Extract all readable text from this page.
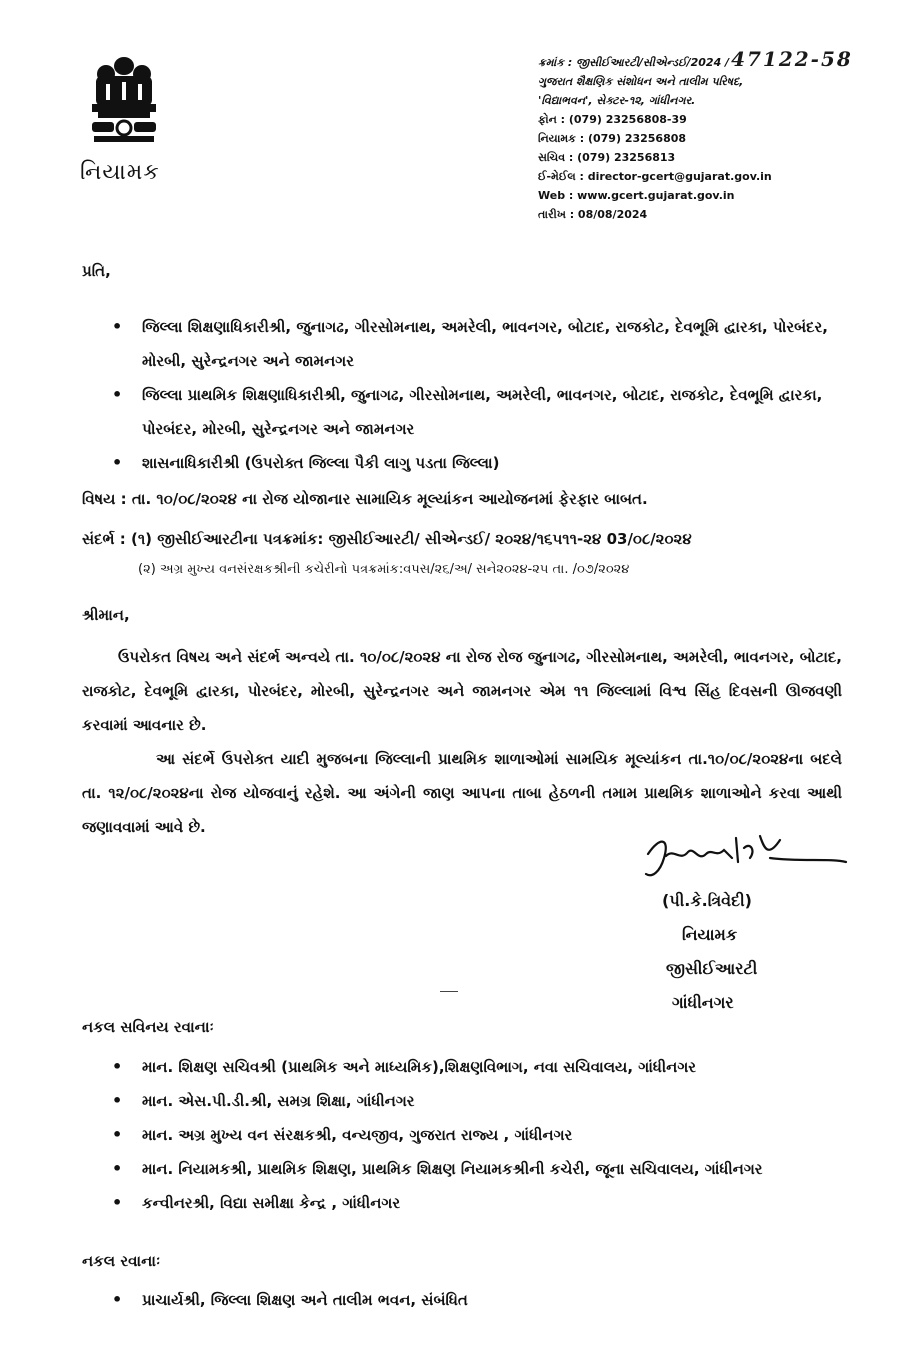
નિયામક
ક્રમાંક : જીસીઈઆરટી/સીએન્ડઈ/2024 / 47122-58
ગુજરાત શૈક્ષણિક સંશોધન અને તાલીમ પરિષદ,
'વિદ્યાભવન', સેક્ટર-૧૨, ગાંધીનગર.
ફોન : (079) 23256808-39
નિયામક : (079) 23256808
સચિવ : (079) 23256813
ઈ-મેઈલ : director-gcert@gujarat.gov.in
Web : www.gcert.gujarat.gov.in
તારીખ : 08/08/2024
પ્રતિ,
• જિલ્લા શિક્ષણાધિકારીશ્રી, જુનાગઢ, ગીરસોમનાથ, અમરેલી, ભાવનગર, બોટાદ, રાજકોટ, દેવભૂમિ દ્વારકા, પોરબંદર, મોરબી, સુરેન્દ્રનગર અને જામનગર
• જિલ્લા પ્રાથમિક શિક્ષણાધિકારીશ્રી, જુનાગઢ, ગીરસોમનાથ, અમરેલી, ભાવનગર, બોટાદ, રાજકોટ, દેવભૂમિ દ્વારકા, પોરબંદર, મોરબી, સુરેન્દ્રનગર અને જામનગર
• શાસનાધિકારીશ્રી (ઉપરોક્ત જિલ્લા પૈકી લાગુ પડતા જિલ્લા)
વિષય : તા. ૧૦/૦૮/૨૦૨૪ ના રોજ યોજાનાર સામાયિક મૂલ્યાંકન આયોજનમાં ફેરફાર બાબત.
સંદર્ભ : (૧) જીસીઈઆરટીના પત્રક્રમાંક: જીસીઈઆરટી/ સીએન્ડઈ/ ૨૦૨૪/૧૬૫૧૧-૨૪ 03/૦૮/૨૦૨૪
(૨) અગ્ર મુખ્ય વનસંરક્ષકશ્રીની કચેરીનો પત્રક્રમાંક:વપસ/૨૬/અ/ સને૨૦૨૪-૨૫ તા. /૦૭/૨૦૨૪
શ્રીમાન,
ઉપરોકત વિષય અને સંદર્ભ અન્વયે તા. ૧૦/૦૮/૨૦૨૪ ના રોજ રોજ જુનાગઢ, ગીરસોમનાથ, અમરેલી, ભાવનગર, બોટાદ, રાજકોટ, દેવભૂમિ દ્વારકા, પોરબંદર, મોરબી, સુરેન્દ્રનગર અને જામનગર એમ ૧૧ જિલ્લામાં વિશ્વ સિંહ દિવસની ઊજવણી કરવામાં આવનાર છે.
આ સંદર્ભે ઉપરોક્ત યાદી મુજબના જિલ્લાની પ્રાથમિક શાળાઓમાં સામયિક મૂલ્યાંકન તા.૧૦/૦૮/૨૦૨૪ના બદલે તા. ૧૨/૦૮/૨૦૨૪ના રોજ યોજવાનું રહેશે. આ અંગેની જાણ આપના તાબા હેઠળની તમામ પ્રાથમિક શાળાઓને કરવા આથી જણાવવામાં આવે છે.
(પી.કે.ત્રિવેદી)
નિયામક
જીસીઈઆરટી
ગાંધીનગર
નકલ સવિનય રવાનાઃ
• માન. શિક્ષણ સચિવશ્રી (પ્રાથમિક અને માધ્યમિક),શિક્ષણવિભાગ, નવા સચિવાલય, ગાંધીનગર
• માન. એસ.પી.ડી.શ્રી, સમગ્ર શિક્ષા, ગાંધીનગર
• માન. અગ્ર મુખ્ય વન સંરક્ષકશ્રી, વન્યજીવ, ગુજરાત રાજ્ય , ગાંધીનગર
• માન. નિયામકશ્રી, પ્રાથમિક શિક્ષણ, પ્રાથમિક શિક્ષણ નિયામકશ્રીની કચેરી, જૂના સચિવાલય, ગાંધીનગર
• કન્વીનરશ્રી, વિદ્યા સમીક્ષા કેન્દ્ર , ગાંધીનગર
નકલ રવાનાઃ
• પ્રાચાર્યશ્રી, જિલ્લા શિક્ષણ અને તાલીમ ભવન, સંબંધિત
